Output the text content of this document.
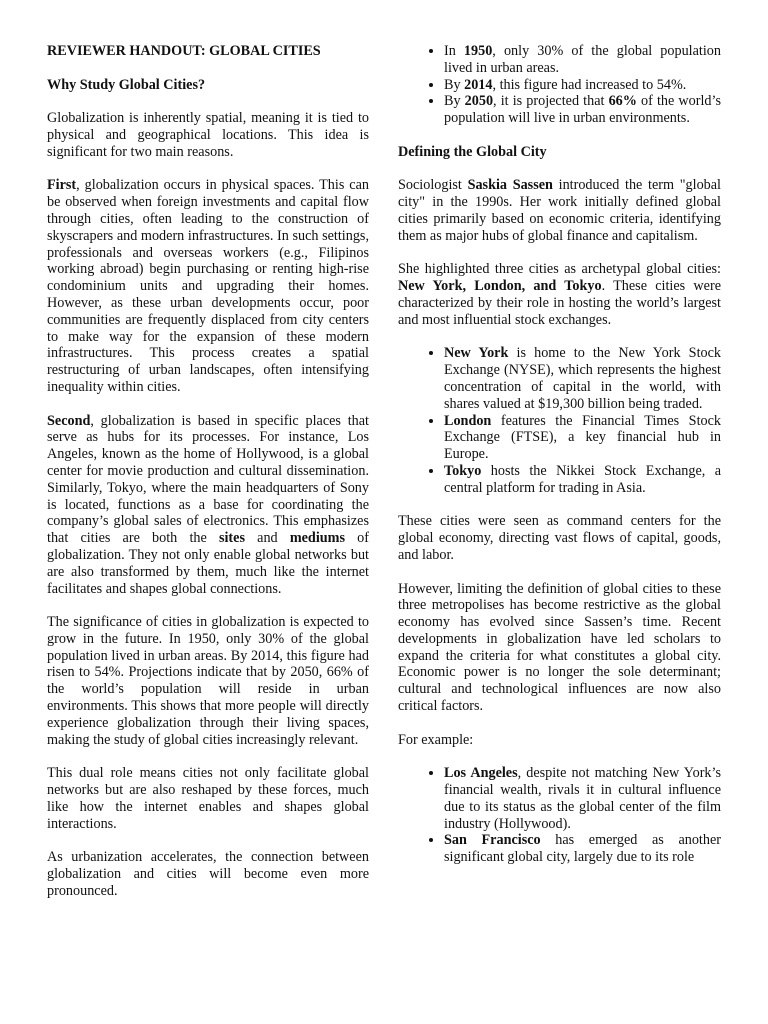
REVIEWER HANDOUT: GLOBAL CITIES
Why Study Global Cities?

Globalization is inherently spatial, meaning it is tied to physical and geographical locations. This idea is significant for two main reasons.

First, globalization occurs in physical spaces. This can be observed when foreign investments and capital flow through cities, often leading to the construction of skyscrapers and modern infrastructures. In such settings, professionals and overseas workers (e.g., Filipinos working abroad) begin purchasing or renting high-rise condominium units and upgrading their homes. However, as these urban developments occur, poor communities are frequently displaced from city centers to make way for the expansion of these modern infrastructures. This process creates a spatial restructuring of urban landscapes, often intensifying inequality within cities.

Second, globalization is based in specific places that serve as hubs for its processes. For instance, Los Angeles, known as the home of Hollywood, is a global center for movie production and cultural dissemination. Similarly, Tokyo, where the main headquarters of Sony is located, functions as a base for coordinating the company’s global sales of electronics. This emphasizes that cities are both the sites and mediums of globalization. They not only enable global networks but are also transformed by them, much like the internet facilitates and shapes global connections.

The significance of cities in globalization is expected to grow in the future. In 1950, only 30% of the global population lived in urban areas. By 2014, this figure had risen to 54%. Projections indicate that by 2050, 66% of the world’s population will reside in urban environments. This shows that more people will directly experience globalization through their living spaces, making the study of global cities increasingly relevant.

This dual role means cities not only facilitate global networks but are also reshaped by these forces, much like how the internet enables and shapes global interactions.

As urbanization accelerates, the connection between globalization and cities will become even more pronounced.

• In 1950, only 30% of the global population lived in urban areas.
• By 2014, this figure had increased to 54%.
• By 2050, it is projected that 66% of the world’s population will live in urban environments.
Defining the Global City

Sociologist Saskia Sassen introduced the term "global city" in the 1990s. Her work initially defined global cities primarily based on economic criteria, identifying them as major hubs of global finance and capitalism.

She highlighted three cities as archetypal global cities: New York, London, and Tokyo. These cities were characterized by their role in hosting the world’s largest and most influential stock exchanges.

• New York is home to the New York Stock Exchange (NYSE), which represents the highest concentration of capital in the world, with shares valued at $19,300 billion being traded.
• London features the Financial Times Stock Exchange (FTSE), a key financial hub in Europe.
• Tokyo hosts the Nikkei Stock Exchange, a central platform for trading in Asia.

These cities were seen as command centers for the global economy, directing vast flows of capital, goods, and labor.

However, limiting the definition of global cities to these three metropolises has become restrictive as the global economy has evolved since Sassen’s time. Recent developments in globalization have led scholars to expand the criteria for what constitutes a global city. Economic power is no longer the sole determinant; cultural and technological influences are now also critical factors.

For example:

• Los Angeles, despite not matching New York’s financial wealth, rivals it in cultural influence due to its status as the global center of the film industry (Hollywood).
• San Francisco has emerged as another significant global city, largely due to its role
